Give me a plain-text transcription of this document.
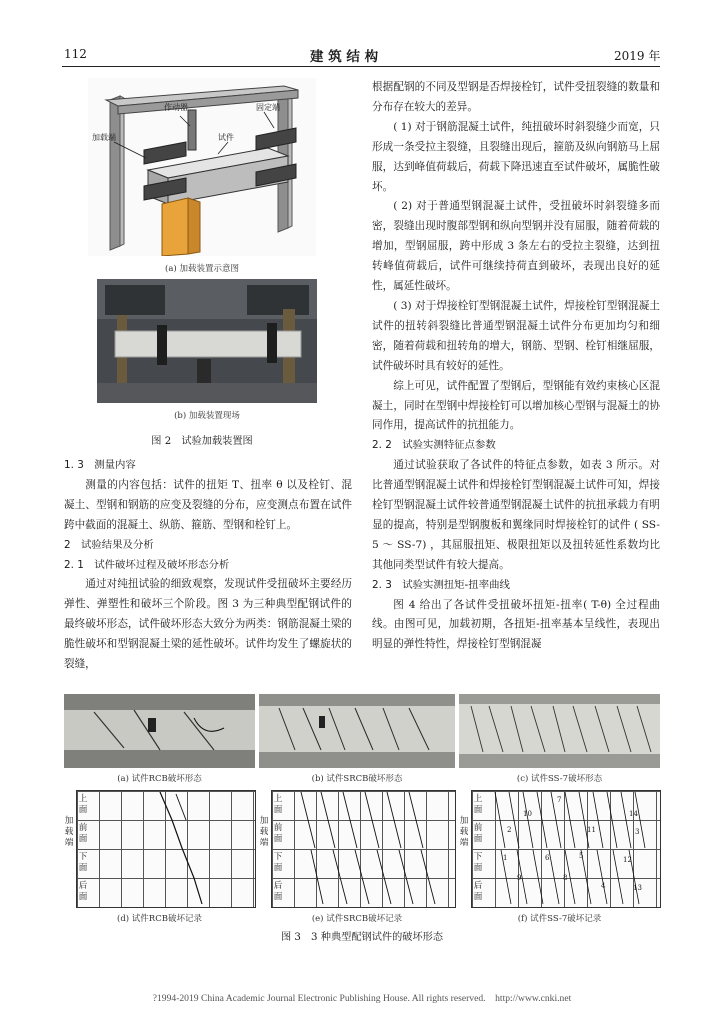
112	建 筑 结 构	2019 年
作动器
试件
固定端
加载端
(a) 加载装置示意图
(b) 加载装置现场
图 2　试验加载装置图
1. 3　测量内容

测量的内容包括：试件的扭矩 T、扭率 θ 以及栓钉、混凝土、型钢和钢筋的应变及裂缝的分布，应变测点布置在试件跨中截面的混凝土、纵筋、箍筋、型钢和栓钉上。

2　试验结果及分析
2. 1　试件破坏过程及破坏形态分析

通过对纯扭试验的细致观察，发现试件受扭破坏主要经历弹性、弹塑性和破坏三个阶段。图 3 为三种典型配钢试件的最终破坏形态，试件破坏形态大致分为两类：钢筋混凝土梁的脆性破坏和型钢混凝土梁的延性破坏。试件均发生了螺旋状的裂缝，

根据配钢的不同及型钢是否焊接栓钉，试件受扭裂缝的数量和分布存在较大的差异。

( 1) 对于钢筋混凝土试件，纯扭破坏时斜裂缝少而宽，只形成一条受拉主裂缝，且裂缝出现后，箍筋及纵向钢筋马上屈服，达到峰值荷载后，荷载下降迅速直至试件破坏，属脆性破坏。

( 2) 对于普通型钢混凝土试件，受扭破坏时斜裂缝多而密，裂缝出现时腹部型钢和纵向型钢并没有屈服，随着荷载的增加，型钢屈服，跨中形成 3 条左右的受拉主裂缝，达到扭转峰值荷载后，试件可继续持荷直到破坏，表现出良好的延性，属延性破坏。

( 3) 对于焊接栓钉型钢混凝土试件，焊接栓钉型钢混凝土试件的扭转斜裂缝比普通型钢混凝土试件分布更加均匀和细密，随着荷载和扭转角的增大，钢筋、型钢、栓钉相继屈服，试件破坏时具有较好的延性。

综上可见，试件配置了型钢后，型钢能有效约束核心区混凝土，同时在型钢中焊接栓钉可以增加核心型钢与混凝土的协同作用，提高试件的抗扭能力。

2. 2　试验实测特征点参数

通过试验获取了各试件的特征点参数，如表 3 所示。对比普通型钢混凝土试件和焊接栓钉型钢混凝土试件可知，焊接栓钉型钢混凝土试件较普通型钢混凝土试件的抗扭承载力有明显的提高，特别是型钢腹板和翼缘同时焊接栓钉的试件 ( SS-5 ～ SS-7) ，其屈服扭矩、极限扭矩以及扭转延性系数均比其他同类型试件有较大提高。

2. 3　试验实测扭矩-扭率曲线

图 4 给出了各试件受扭破坏扭矩-扭率( T-θ) 全过程曲线。由图可见，加载初期，各扭矩-扭率基本呈线性，表现出明显的弹性特性，焊接栓钉型钢混凝

(a) 试件RCB破坏形态	(b) 试件SRCB破坏形态	(c) 试件SS-7破坏形态
加载端
上面
前面
下面
后面
加载端
上面
前面
下面
后面
加载端
上面
前面
下面
后面
7
10	14
2	11	3
1	6	5	12
9	8
4	13
(d) 试件RCB破坏记录	(e) 试件SRCB破坏记录	(f) 试件SS-7破坏记录
图 3　3 种典型配钢试件的破坏形态
?1994-2019 China Academic Journal Electronic Publishing House. All rights reserved.　http://www.cnki.net
